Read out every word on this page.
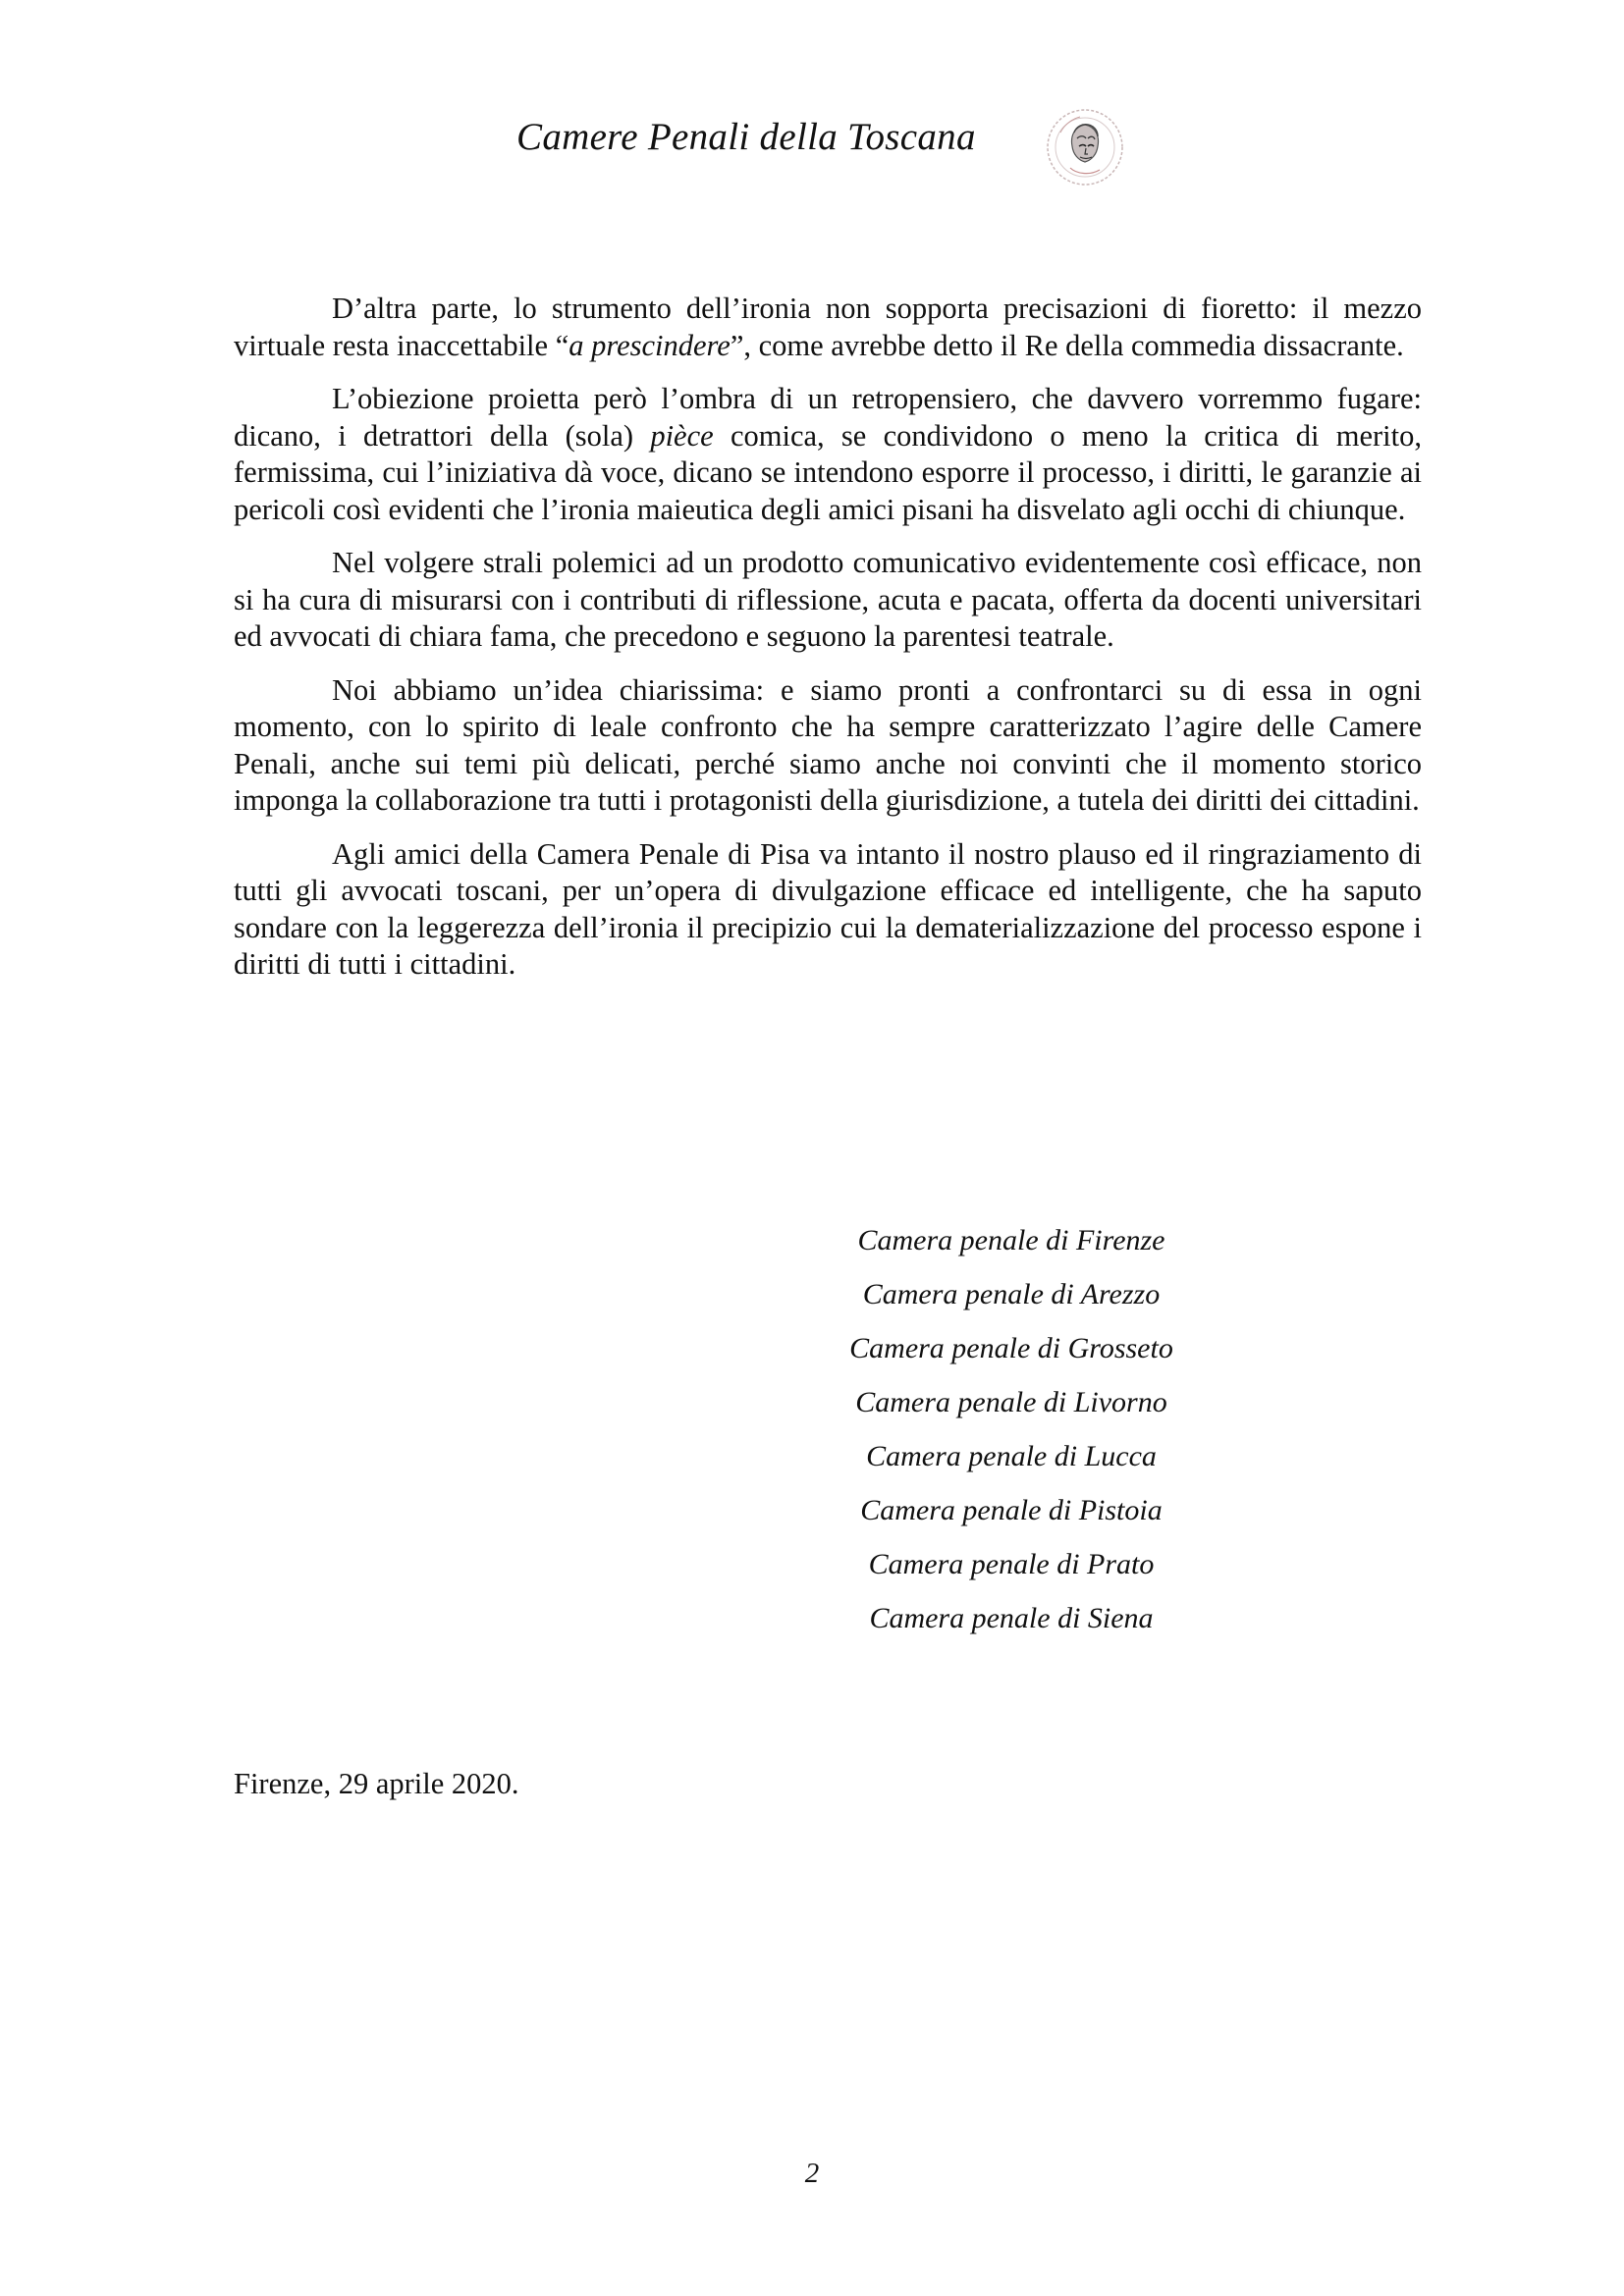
Camere Penali della Toscana

D’altra parte, lo strumento dell’ironia non sopporta precisazioni di fioretto: il mezzo virtuale resta inaccettabile “a prescindere”, come avrebbe detto il Re della commedia dissacrante.

L’obiezione proietta però l’ombra di un retropensiero, che davvero vorremmo fugare: dicano, i detrattori della (sola) pièce comica, se condividono o meno la critica di merito, fermissima, cui l’iniziativa dà voce, dicano se intendono esporre il processo, i diritti, le garanzie ai pericoli così evidenti che l’ironia maieutica degli amici pisani ha disvelato agli occhi di chiunque.

Nel volgere strali polemici ad un prodotto comunicativo evidentemente così efficace, non si ha cura di misurarsi con i contributi di riflessione, acuta e pacata, offerta da docenti universitari ed avvocati di chiara fama, che precedono e seguono la parentesi teatrale.

Noi abbiamo un’idea chiarissima: e siamo pronti a confrontarci su di essa in ogni momento, con lo spirito di leale confronto che ha sempre caratterizzato l’agire delle Camere Penali, anche sui temi più delicati, perché siamo anche noi convinti che il momento storico imponga la collaborazione tra tutti i protagonisti della giurisdizione, a tutela dei diritti dei cittadini.

Agli amici della Camera Penale di Pisa va intanto il nostro plauso ed il ringraziamento di tutti gli avvocati toscani, per un’opera di divulgazione efficace ed intelligente, che ha saputo sondare con la leggerezza dell’ironia il precipizio cui la dematerializzazione del processo espone i diritti di tutti i cittadini.

Camera penale di Firenze
Camera penale di Arezzo
Camera penale di Grosseto
Camera penale di Livorno
Camera penale di Lucca
Camera penale di Pistoia
Camera penale di Prato
Camera penale di Siena
Firenze, 29 aprile 2020.
2
